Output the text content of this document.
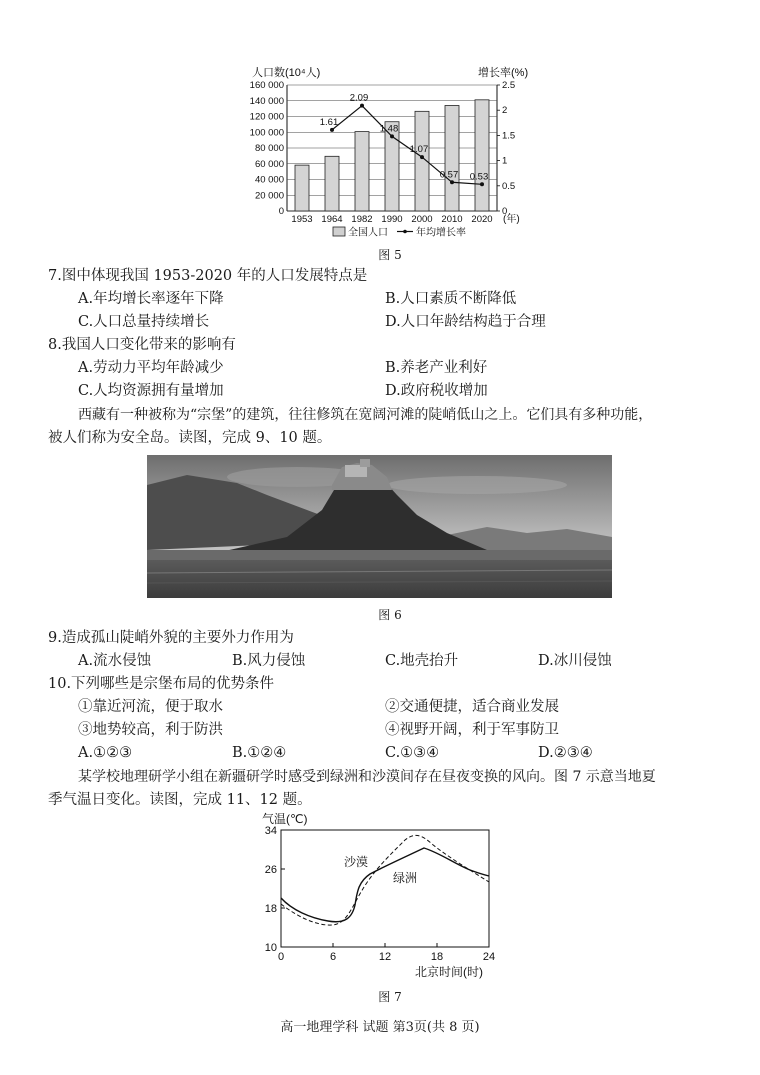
人口数(10⁴人)	增长率(%)
0
20 000
40 000
60 000
80 000
100 000
120 000
140 000
160 000
0
0.5
1
1.5
2
2.5
1953 1964 1982 1990 2000 2010 2020
1.61
2.09
1.48
1.07
0.57 0.53
(年)
全国人口	年均增长率
图 5
7.图中体现我国 1953-2020 年的人口发展特点是
A.年均增长率逐年下降	B.人口素质不断降低
C.人口总量持续增长	D.人口年龄结构趋于合理
8.我国人口变化带来的影响有
A.劳动力平均年龄减少	B.养老产业利好
C.人均资源拥有量增加	D.政府税收增加
西藏有一种被称为“宗堡”的建筑，往往修筑在宽阔河滩的陡峭低山之上。它们具有多种功能，
被人们称为安全岛。读图，完成 9、10 题。
图 6
9.造成孤山陡峭外貌的主要外力作用为
A.流水侵蚀	B.风力侵蚀	C.地壳抬升	D.冰川侵蚀
10.下列哪些是宗堡布局的优势条件
①靠近河流，便于取水	②交通便捷，适合商业发展
③地势较高，利于防洪	④视野开阔，利于军事防卫
A.①②③	B.①②④	C.①③④	D.②③④
某学校地理研学小组在新疆研学时感受到绿洲和沙漠间存在昼夜变换的风向。图 7 示意当地夏
季气温日变化。读图，完成 11、12 题。
气温(℃)
10
18
26
34
0	6	12	18	24
沙漠
绿洲
北京时间(时)
图 7
高一地理学科 试题 第3页(共 8 页)
